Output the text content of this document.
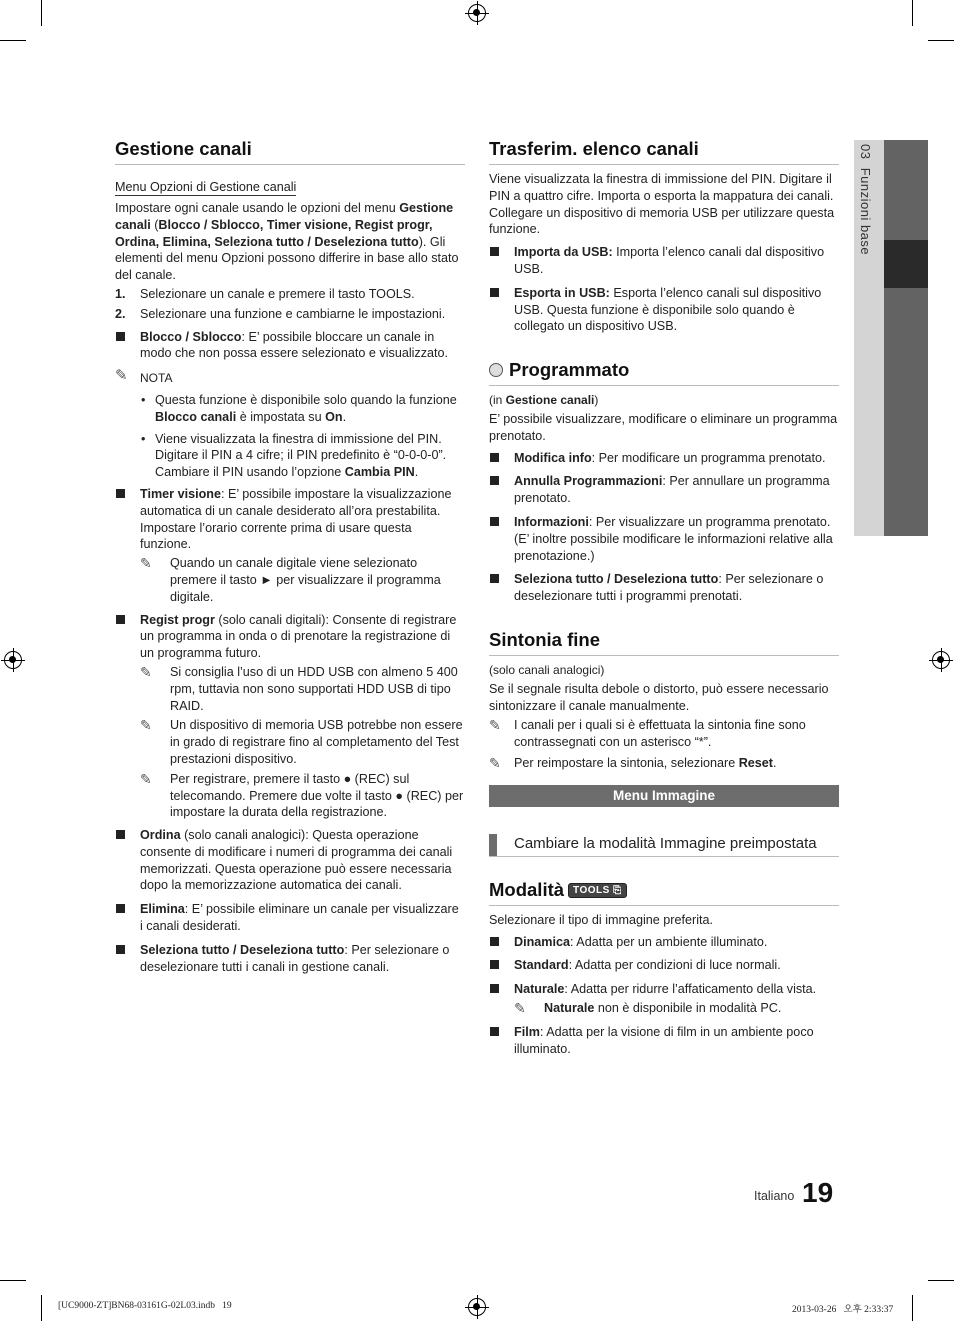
03  Funzioni base
Gestione canali
Menu Opzioni di Gestione canali

Impostare ogni canale usando le opzioni del menu Gestione canali (Blocco / Sblocco, Timer visione, Regist progr, Ordina, Elimina, Seleziona tutto / Deseleziona tutto). Gli elementi del menu Opzioni possono differire in base allo stato del canale.

1. Selezionare un canale e premere il tasto TOOLS.
2. Selezionare una funzione e cambiarne le impostazioni.
Blocco / Sblocco: E’ possibile bloccare un canale in modo che non possa essere selezionato e visualizzato.
✎ NOTA
• Questa funzione è disponibile solo quando la funzione Blocco canali è impostata su On.
• Viene visualizzata la finestra di immissione del PIN. Digitare il PIN a 4 cifre; il PIN predefinito è “0-0-0-0”. Cambiare il PIN usando l’opzione Cambia PIN.
Timer visione: E’ possibile impostare la visualizzazione automatica di un canale desiderato all’ora prestabilita. Impostare l’orario corrente prima di usare questa funzione.
✎ Quando un canale digitale viene selezionato premere il tasto ► per visualizzare il programma digitale.
Regist progr (solo canali digitali): Consente di registrare un programma in onda o di prenotare la registrazione di un programma futuro.
✎ Si consiglia l’uso di un HDD USB con almeno 5 400 rpm, tuttavia non sono supportati HDD USB di tipo RAID.
✎ Un dispositivo di memoria USB potrebbe non essere in grado di registrare fino al completamento del Test prestazioni dispositivo.
✎ Per registrare, premere il tasto ● (REC) sul telecomando. Premere due volte il tasto ● (REC) per impostare la durata della registrazione.
Ordina (solo canali analogici): Questa operazione consente di modificare i numeri di programma dei canali memorizzati. Questa operazione può essere necessaria dopo la memorizzazione automatica dei canali.
Elimina: E’ possibile eliminare un canale per visualizzare i canali desiderati.
Seleziona tutto / Deseleziona tutto: Per selezionare o deselezionare tutti i canali in gestione canali.
Trasferim. elenco canali

Viene visualizzata la finestra di immissione del PIN. Digitare il PIN a quattro cifre. Importa o esporta la mappatura dei canali. Collegare un dispositivo di memoria USB per utilizzare questa funzione.

Importa da USB: Importa l’elenco canali dal dispositivo USB.
Esporta in USB: Esporta l’elenco canali sul dispositivo USB. Questa funzione è disponibile solo quando è collegato un dispositivo USB.
Programmato

(in Gestione canali)

E’ possibile visualizzare, modificare o eliminare un programma prenotato.

Modifica info: Per modificare un programma prenotato.
Annulla Programmazioni: Per annullare un programma prenotato.
Informazioni: Per visualizzare un programma prenotato. (E’ inoltre possibile modificare le informazioni relative alla prenotazione.)
Seleziona tutto / Deseleziona tutto: Per selezionare o deselezionare tutti i programmi prenotati.
Sintonia fine

(solo canali analogici)

Se il segnale risulta debole o distorto, può essere necessario sintonizzare il canale manualmente.

✎ I canali per i quali si è effettuata la sintonia fine sono contrassegnati con un asterisco “*”.
✎ Per reimpostare la sintonia, selezionare Reset.
Menu Immagine
Cambiare la modalità Immagine preimpostata
Modalità TOOLS ⎘

Selezionare il tipo di immagine preferita.

Dinamica: Adatta per un ambiente illuminato.
Standard: Adatta per condizioni di luce normali.
Naturale: Adatta per ridurre l’affaticamento della vista.
✎ Naturale non è disponibile in modalità PC.
Film: Adatta per la visione di film in un ambiente poco illuminato.
Italiano 19
[UC9000-ZT]BN68-03161G-02L03.indb   19	2013-03-26   오후 2:33:37
